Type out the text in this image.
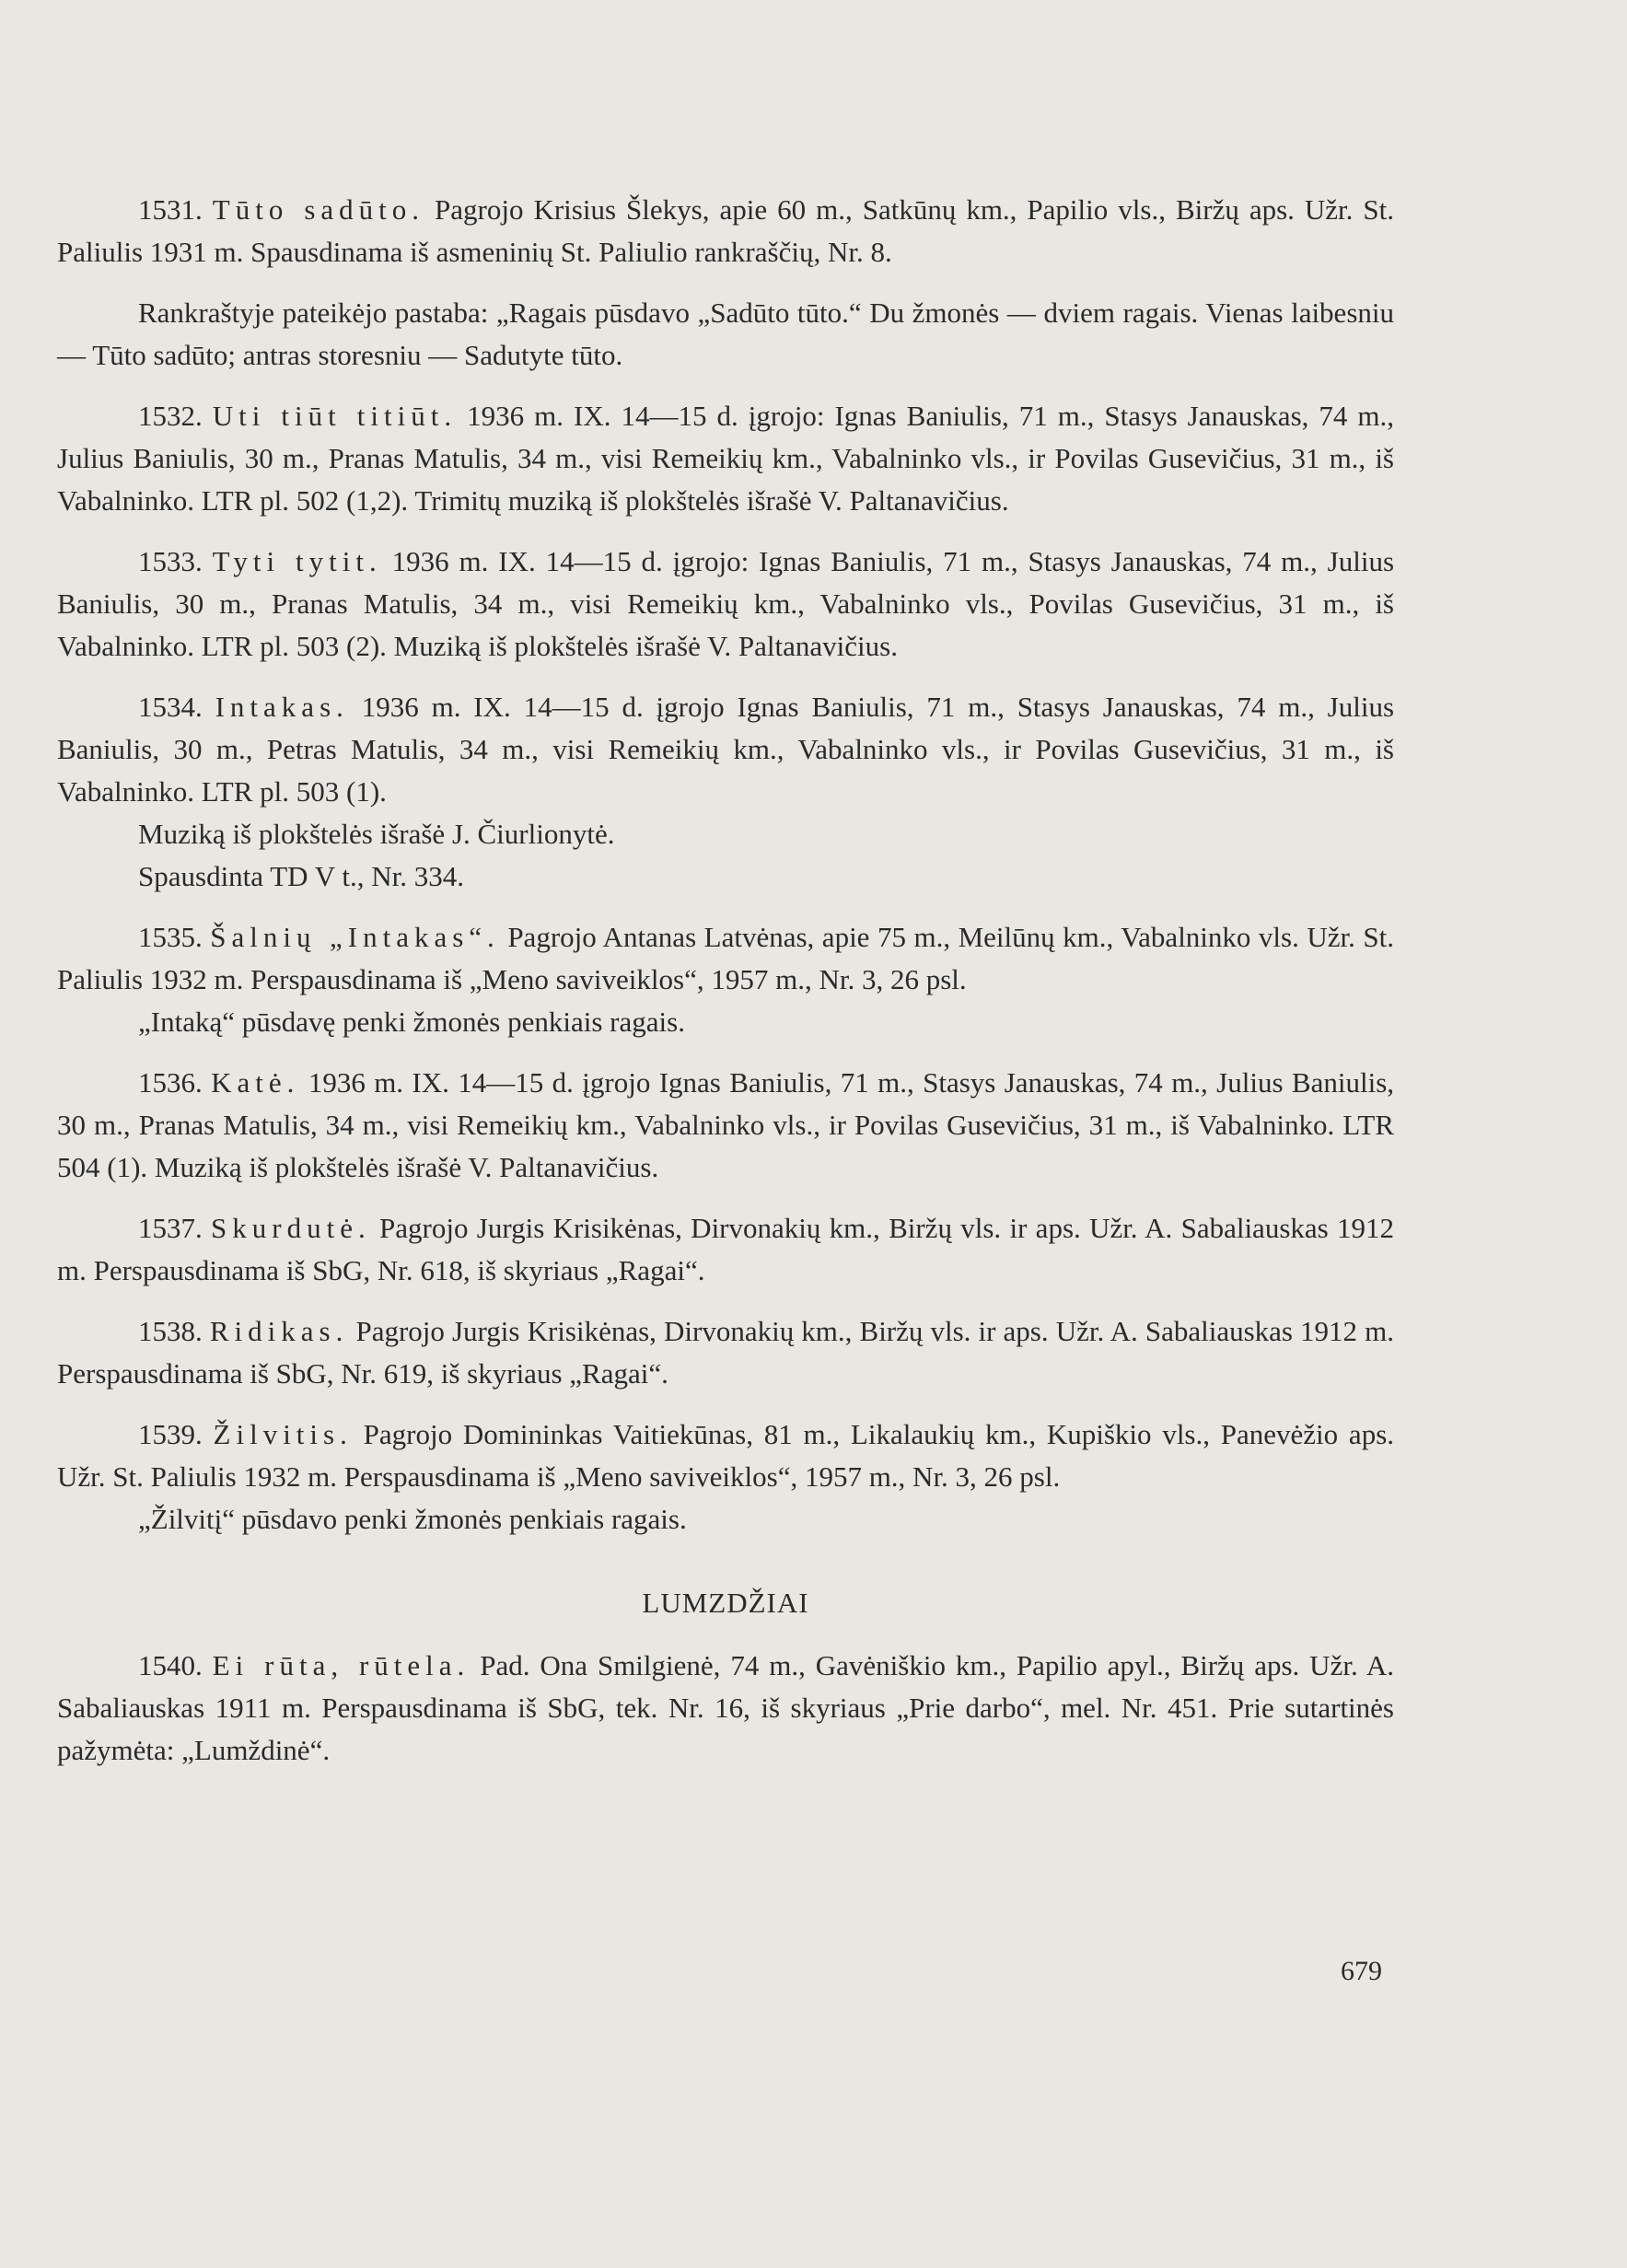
1531. Tūto sadūto. Pagrojo Krisius Šlekys, apie 60 m., Satkūnų km., Papilio vls., Biržų aps. Užr. St. Paliulis 1931 m. Spausdinama iš asmeninių St. Paliulio rankraščių, Nr. 8.

Rankraštyje pateikėjo pastaba: „Ragais pūsdavo „Sadūto tūto.“ Du žmonės — dviem ragais. Vienas laibesniu — Tūto sadūto; antras storesniu — Sadutyte tūto.

1532. Uti tiūt titiūt. 1936 m. IX. 14—15 d. įgrojo: Ignas Baniulis, 71 m., Stasys Janauskas, 74 m., Julius Baniulis, 30 m., Pranas Matulis, 34 m., visi Remeikių km., Vabalninko vls., ir Povilas Gusevičius, 31 m., iš Vabalninko. LTR pl. 502 (1,2). Trimitų muziką iš plokštelės išrašė V. Paltanavičius.

1533. Tyti tytit. 1936 m. IX. 14—15 d. įgrojo: Ignas Baniulis, 71 m., Stasys Janauskas, 74 m., Julius Baniulis, 30 m., Pranas Matulis, 34 m., visi Remeikių km., Vabalninko vls., Povilas Gusevičius, 31 m., iš Vabalninko. LTR pl. 503 (2). Muziką iš plokštelės išrašė V. Paltanavičius.

1534. Intakas. 1936 m. IX. 14—15 d. įgrojo Ignas Baniulis, 71 m., Stasys Janauskas, 74 m., Julius Baniulis, 30 m., Petras Matulis, 34 m., visi Remeikių km., Vabalninko vls., ir Povilas Gusevičius, 31 m., iš Vabalninko. LTR pl. 503 (1).

Muziką iš plokštelės išrašė J. Čiurlionytė.

Spausdinta TD V t., Nr. 334.

1535. Šalnių „Intakas“. Pagrojo Antanas Latvėnas, apie 75 m., Meilūnų km., Vabalninko vls. Užr. St. Paliulis 1932 m. Perspausdinama iš „Meno saviveiklos“, 1957 m., Nr. 3, 26 psl.

„Intaką“ pūsdavę penki žmonės penkiais ragais.

1536. Katė. 1936 m. IX. 14—15 d. įgrojo Ignas Baniulis, 71 m., Stasys Janauskas, 74 m., Julius Baniulis, 30 m., Pranas Matulis, 34 m., visi Remeikių km., Vabalninko vls., ir Povilas Gusevičius, 31 m., iš Vabalninko. LTR 504 (1). Muziką iš plokštelės išrašė V. Paltanavičius.

1537. Skurdutė. Pagrojo Jurgis Krisikėnas, Dirvonakių km., Biržų vls. ir aps. Užr. A. Sabaliauskas 1912 m. Perspausdinama iš SbG, Nr. 618, iš skyriaus „Ragai“.

1538. Ridikas. Pagrojo Jurgis Krisikėnas, Dirvonakių km., Biržų vls. ir aps. Užr. A. Sabaliauskas 1912 m. Perspausdinama iš SbG, Nr. 619, iš skyriaus „Ragai“.

1539. Žilvitis. Pagrojo Domininkas Vaitiekūnas, 81 m., Likalaukių km., Kupiškio vls., Panevėžio aps. Užr. St. Paliulis 1932 m. Perspausdinama iš „Meno saviveiklos“, 1957 m., Nr. 3, 26 psl.

„Žilvitį“ pūsdavo penki žmonės penkiais ragais.

LUMZDŽIAI

1540. Ei rūta, rūtela. Pad. Ona Smilgienė, 74 m., Gavėniškio km., Papilio apyl., Biržų aps. Užr. A. Sabaliauskas 1911 m. Perspausdinama iš SbG, tek. Nr. 16, iš skyriaus „Prie darbo“, mel. Nr. 451. Prie sutartinės pažymėta: „Lumždinė“.

679
